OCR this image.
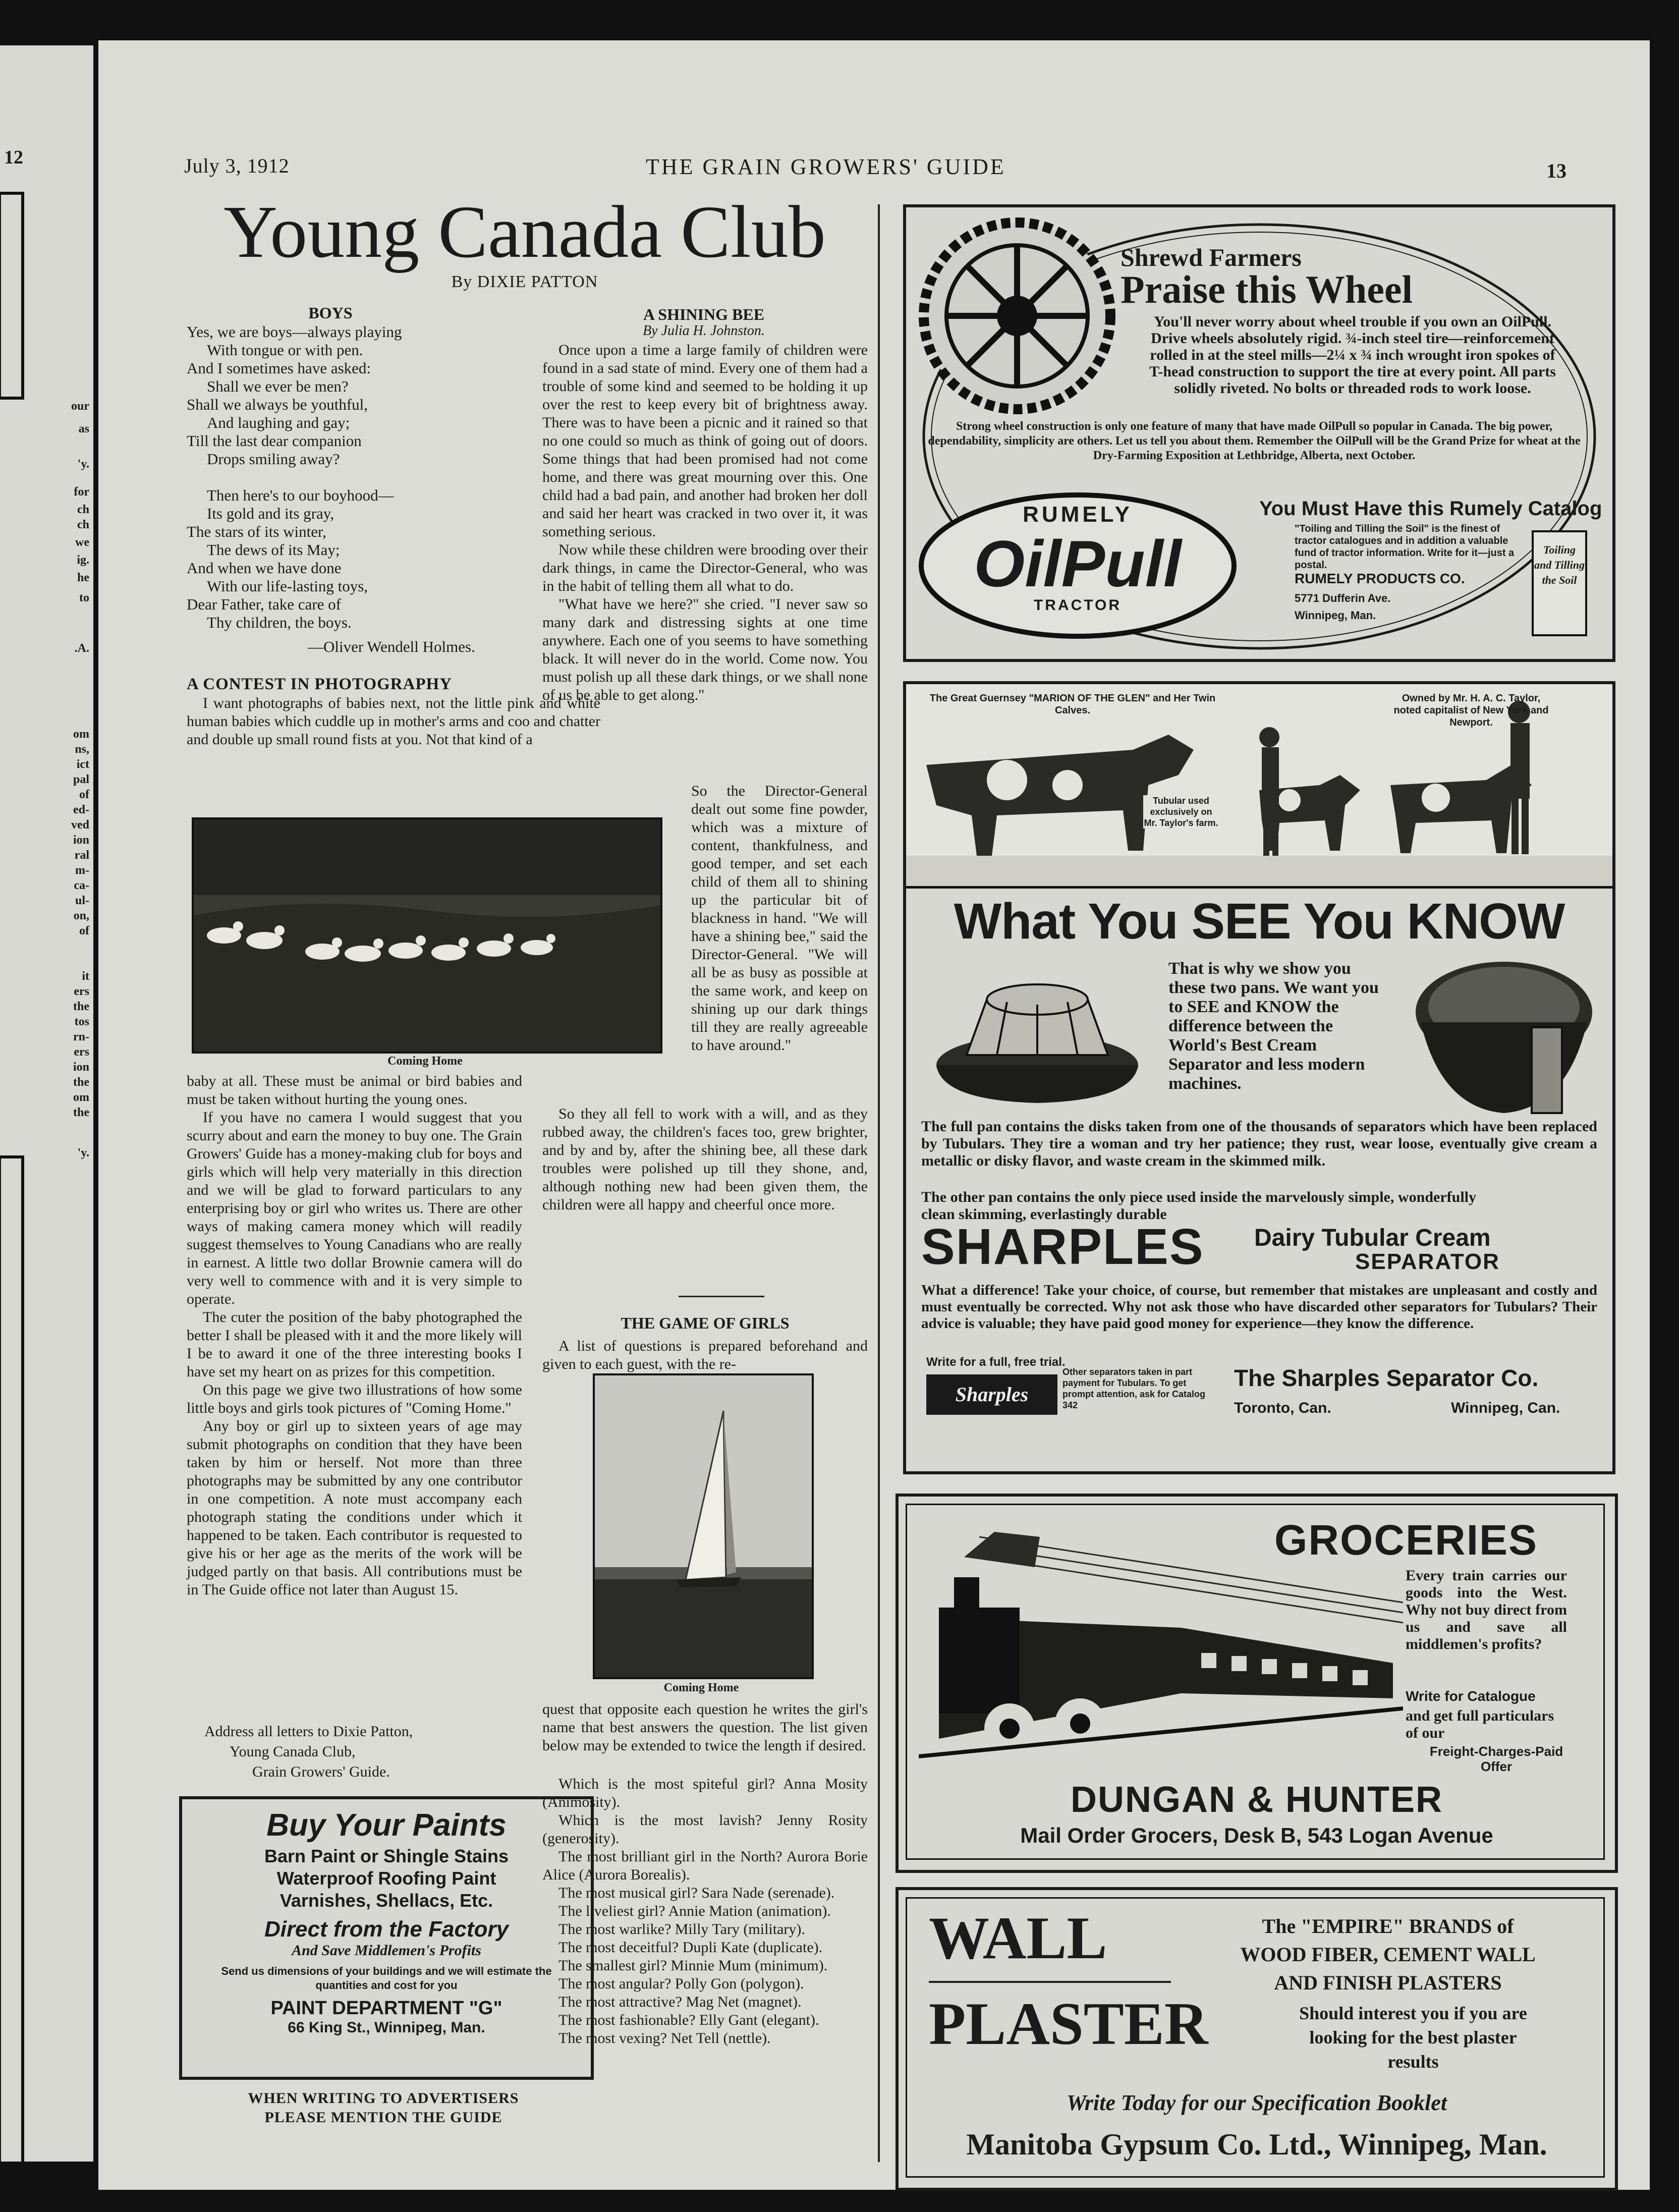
12
our
as
'y.
for
ch
ch
we
ig.
he
to
.A.
om
ns,
ict
pal
of
ed-
ved
ion
ral
m-
ca-
ul-
on,
of
it
ers
the
tos
rn-
ers
ion
the
om
the
'y.
July 3, 1912	THE GRAIN GROWERS' GUIDE	13
Young Canada Club
By DIXIE PATTON
BOYS
Yes, we are boys—always playing
With tongue or with pen.
And I sometimes have asked:
Shall we ever be men?
Shall we always be youthful,
And laughing and gay;
Till the last dear companion
Drops smiling away?
Then here's to our boyhood—
Its gold and its gray,
The stars of its winter,
The dews of its May;
And when we have done
With our life-lasting toys,
Dear Father, take care of
Thy children, the boys.
—Oliver Wendell Holmes.
A CONTEST IN PHOTOGRAPHY

I want photographs of babies next, not the little pink and white human babies which cuddle up in mother's arms and coo and chatter and double up small round fists at you. Not that kind of a

Coming Home

baby at all. These must be animal or bird babies and must be taken without hurting the young ones.

If you have no camera I would suggest that you scurry about and earn the money to buy one. The Grain Growers' Guide has a money-making club for boys and girls which will help very materially in this direction and we will be glad to forward particulars to any enterprising boy or girl who writes us. There are other ways of making camera money which will readily suggest themselves to Young Canadians who are really in earnest. A little two dollar Brownie camera will do very well to commence with and it is very simple to operate.

The cuter the position of the baby photographed the better I shall be pleased with it and the more likely will I be to award it one of the three interesting books I have set my heart on as prizes for this competition.

On this page we give two illustrations of how some little boys and girls took pictures of "Coming Home."

Any boy or girl up to sixteen years of age may submit photographs on condition that they have been taken by him or herself. Not more than three photographs may be submitted by any one contributor in one competition. A note must accompany each photograph stating the conditions under which it happened to be taken. Each contributor is requested to give his or her age as the merits of the work will be judged partly on that basis. All contributions must be in The Guide office not later than August 15.

Address all letters to Dixie Patton,
Young Canada Club,
Grain Growers' Guide.
Buy Your Paints
Barn Paint or Shingle Stains
Waterproof Roofing Paint
Varnishes, Shellacs, Etc.
Direct from the Factory
And Save Middlemen's Profits
Send us dimensions of your buildings and we will estimate the quantities and cost for you
PAINT DEPARTMENT "G"
66 King St., Winnipeg, Man.
WHEN WRITING TO ADVERTISERS
PLEASE MENTION THE GUIDE
A SHINING BEE
By Julia H. Johnston.

Once upon a time a large family of children were found in a sad state of mind. Every one of them had a trouble of some kind and seemed to be holding it up over the rest to keep every bit of brightness away. There was to have been a picnic and it rained so that no one could so much as think of going out of doors. Some things that had been promised had not come home, and there was great mourning over this. One child had a bad pain, and another had broken her doll and said her heart was cracked in two over it, it was something serious.

Now while these children were brooding over their dark things, in came the Director-General, who was in the habit of telling them all what to do.

"What have we here?" she cried. "I never saw so many dark and distressing sights at one time anywhere. Each one of you seems to have something black. It will never do in the world. Come now. You must polish up all these dark things, or we shall none of us be able to get along."

So the Director-General dealt out some fine powder, which was a mixture of content, thankfulness, and good temper, and set each child of them all to shining up the particular bit of blackness in hand. "We will have a shining bee," said the Director-General. "We will all be as busy as possible at the same work, and keep on shining up our dark things till they are really agreeable to have around."

So they all fell to work with a will, and as they rubbed away, the children's faces too, grew brighter, and by and by, after the shining bee, all these dark troubles were polished up till they shone, and, although nothing new had been given them, the children were all happy and cheerful once more.

THE GAME OF GIRLS

A list of questions is prepared beforehand and given to each guest, with the re-

Coming Home

quest that opposite each question he writes the girl's name that best answers the question. The list given below may be extended to twice the length if desired.

Which is the most spiteful girl? Anna Mosity (Animosity).

Which is the most lavish? Jenny Rosity (generosity).

The most brilliant girl in the North? Aurora Borie Alice (Aurora Borealis).

The most musical girl? Sara Nade (serenade).

The liveliest girl? Annie Mation (animation).

The most warlike? Milly Tary (military).

The most deceitful? Dupli Kate (duplicate).

The smallest girl? Minnie Mum (minimum).

The most angular? Polly Gon (polygon).

The most attractive? Mag Net (magnet).

The most fashionable? Elly Gant (elegant).

The most vexing? Net Tell (nettle).

Shrewd Farmers
Praise this Wheel
You'll never worry about wheel trouble if you own an OilPull. Drive wheels absolutely rigid. ¾-inch steel tire—reinforcement rolled in at the steel mills—2¼ x ¾ inch wrought iron spokes of T-head construction to support the tire at every point. All parts solidly riveted. No bolts or threaded rods to work loose.
Strong wheel construction is only one feature of many that have made OilPull so popular in Canada. The big power, dependability, simplicity are others. Let us tell you about them. Remember the OilPull will be the Grand Prize for wheat at the Dry-Farming Exposition at Lethbridge, Alberta, next October.
RUMELY
OilPull
TRACTOR
You Must Have this Rumely Catalog
"Toiling and Tilling the Soil" is the finest of tractor catalogues and in addition a valuable fund of tractor information. Write for it—just a postal.
RUMELY PRODUCTS CO.
5771 Dufferin Ave.
Winnipeg, Man.
Toiling and Tilling the Soil
The Great Guernsey "MARION OF THE GLEN" and Her Twin Calves.
Owned by Mr. H. A. C. Taylor, noted capitalist of New York and Newport.
Tubular used exclusively on Mr. Taylor's farm.
What You SEE You KNOW
That is why we show you these two pans. We want you to SEE and KNOW the difference between the World's Best Cream Separator and less modern machines.
The full pan contains the disks taken from one of the thousands of separators which have been replaced by Tubulars. They tire a woman and try her patience; they rust, wear loose, eventually give cream a metallic or disky flavor, and waste cream in the skimmed milk.
The other pan contains the only piece used inside the marvelously simple, wonderfully clean skimming, everlastingly durable
SHARPLES Dairy Tubular Cream
SEPARATOR
What a difference! Take your choice, of course, but remember that mistakes are unpleasant and costly and must eventually be corrected. Why not ask those who have discarded other separators for Tubulars? Their advice is valuable; they have paid good money for experience—they know the difference.
Write for a full, free trial.
Sharples
Other separators taken in part payment for Tubulars. To get prompt attention, ask for Catalog 342
The Sharples Separator Co.
Toronto, Can.	Winnipeg, Can.
GROCERIES
Every train carries our goods into the West. Why not buy direct from us and save all middlemen's profits?
Write for Catalogue
and get full particulars of our
Freight-Charges-Paid Offer
DUNGAN & HUNTER
Mail Order Grocers, Desk B, 543 Logan Avenue
WALL
PLASTER
The "EMPIRE" BRANDS of
WOOD FIBER, CEMENT WALL
AND FINISH PLASTERS
Should interest you if you are looking for the best plaster results
Write Today for our Specification Booklet
Manitoba Gypsum Co. Ltd., Winnipeg, Man.
